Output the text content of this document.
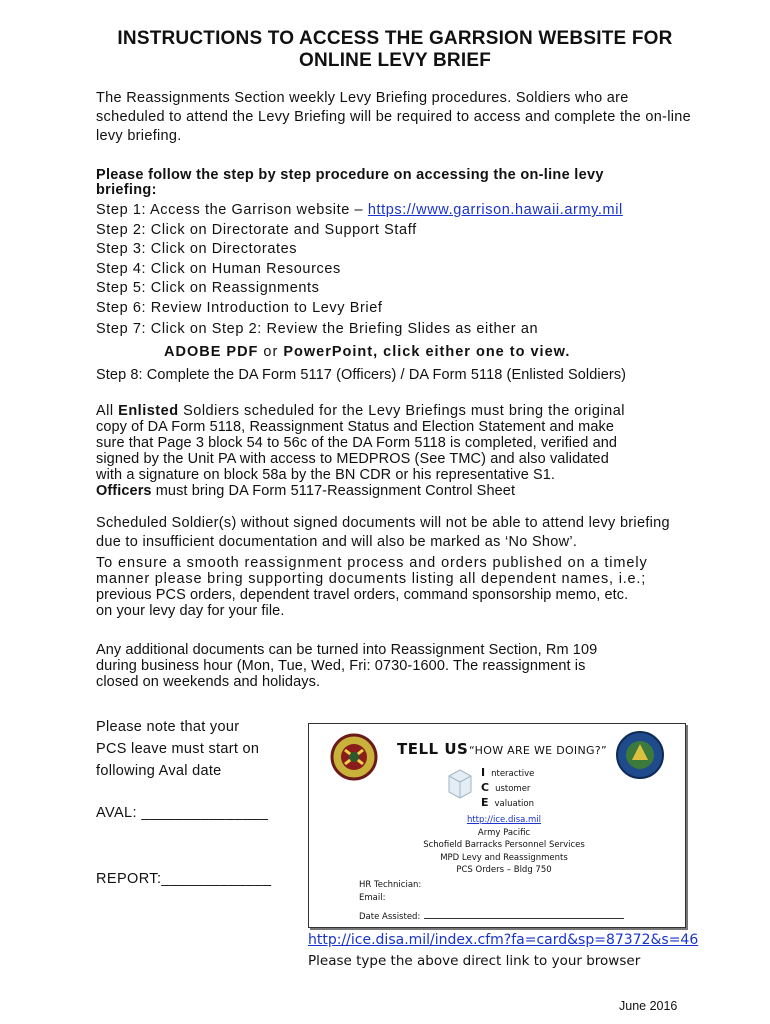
INSTRUCTIONS TO ACCESS THE GARRSION WEBSITE FOR
ONLINE LEVY BRIEF
The Reassignments Section weekly Levy Briefing procedures. Soldiers who are scheduled to attend the Levy Briefing will be required to access and complete the on-line levy briefing.
Please follow the step by step procedure on accessing the on-line levy briefing:
Step 1: Access the Garrison website – https://www.garrison.hawaii.army.mil
Step 2: Click on Directorate and Support Staff
Step 3: Click on Directorates
Step 4: Click on Human Resources
Step 5: Click on Reassignments
Step 6: Review Introduction to Levy Brief
Step 7: Click on Step 2: Review the Briefing Slides as either an
ADOBE PDF or PowerPoint, click either one to view.
Step 8: Complete the DA Form 5117 (Officers) / DA Form 5118 (Enlisted Soldiers)
All Enlisted Soldiers scheduled for the Levy Briefings must bring the original
copy of DA Form 5118, Reassignment Status and Election Statement and make
sure that Page 3 block 54 to 56c of the DA Form 5118 is completed, verified and
signed by the Unit PA with access to MEDPROS (See TMC) and also validated
with a signature on block 58a by the BN CDR or his representative S1.
Officers must bring DA Form 5117-Reassignment Control Sheet
Scheduled Soldier(s) without signed documents will not be able to attend levy briefing due to insufficient documentation and will also be marked as ‘No Show’.
To ensure a smooth reassignment process and orders published on a timely
manner please bring supporting documents listing all dependent names, i.e.;
previous PCS orders, dependent travel orders, command sponsorship memo, etc.
on your levy day for your file.
Any additional documents can be turned into Reassignment Section, Rm 109
during business hour (Mon, Tue, Wed, Fri: 0730-1600. The reassignment is
closed on weekends and holidays.
Please note that your
PCS leave must start on
following Aval date
AVAL: _______________
REPORT:_____________
TELL US “HOW ARE WE DOING?”
I nteractive
C ustomer
E valuation
http://ice.disa.mil
Army Pacific
Schofield Barracks Personnel Services
MPD Levy and Reassignments
PCS Orders – Bldg 750
HR Technician:
Email:
Date Assisted:
http://ice.disa.mil/index.cfm?fa=card&sp=87372&s=46
Please type the above direct link to your browser
June 2016
